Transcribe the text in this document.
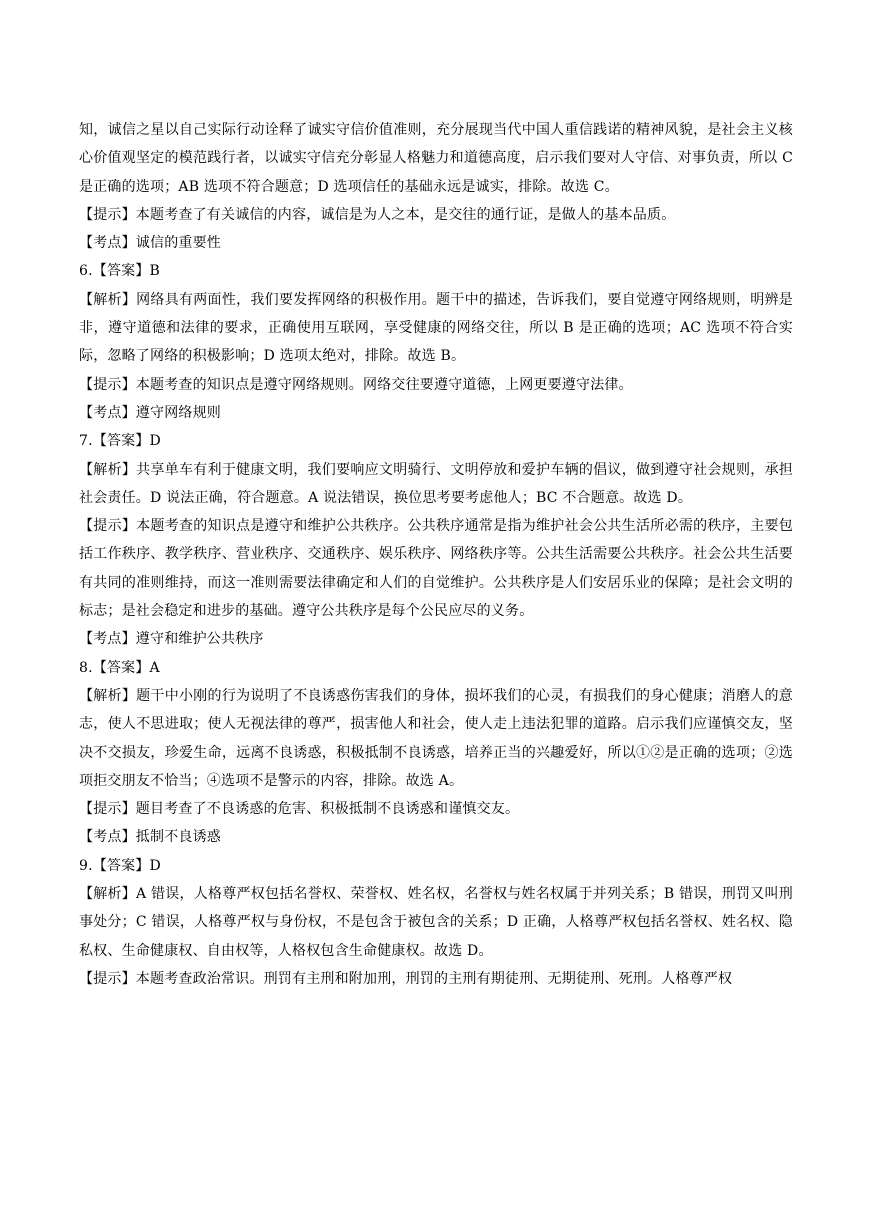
知，诚信之星以自己实际行动诠释了诚实守信价值准则，充分展现当代中国人重信践诺的精神风貌，是社会主义核心价值观坚定的模范践行者，以诚实守信充分彰显人格魅力和道德高度，启示我们要对人守信、对事负责，所以 C 是正确的选项；AB 选项不符合题意；D 选项信任的基础永远是诚实，排除。故选 C。
【提示】本题考查了有关诚信的内容，诚信是为人之本，是交往的通行证，是做人的基本品质。
【考点】诚信的重要性
6.【答案】B
【解析】网络具有两面性，我们要发挥网络的积极作用。题干中的描述，告诉我们，要自觉遵守网络规则，明辨是非，遵守道德和法律的要求，正确使用互联网，享受健康的网络交往，所以 B 是正确的选项；AC 选项不符合实际，忽略了网络的积极影响；D 选项太绝对，排除。故选 B。
【提示】本题考查的知识点是遵守网络规则。网络交往要遵守道德，上网更要遵守法律。
【考点】遵守网络规则
7.【答案】D
【解析】共享单车有利于健康文明，我们要响应文明骑行、文明停放和爱护车辆的倡议，做到遵守社会规则，承担社会责任。D 说法正确，符合题意。A 说法错误，换位思考要考虑他人；BC 不合题意。故选 D。
【提示】本题考查的知识点是遵守和维护公共秩序。公共秩序通常是指为维护社会公共生活所必需的秩序，主要包括工作秩序、教学秩序、营业秩序、交通秩序、娱乐秩序、网络秩序等。公共生活需要公共秩序。社会公共生活要有共同的准则维持，而这一准则需要法律确定和人们的自觉维护。公共秩序是人们安居乐业的保障；是社会文明的标志；是社会稳定和进步的基础。遵守公共秩序是每个公民应尽的义务。
【考点】遵守和维护公共秩序
8.【答案】A
【解析】题干中小刚的行为说明了不良诱惑伤害我们的身体，损坏我们的心灵，有损我们的身心健康；消磨人的意志，使人不思进取；使人无视法律的尊严，损害他人和社会，使人走上违法犯罪的道路。启示我们应谨慎交友，坚决不交损友，珍爱生命，远离不良诱惑，积极抵制不良诱惑，培养正当的兴趣爱好，所以①②是正确的选项；②选项拒交朋友不恰当；④选项不是警示的内容，排除。故选 A。
【提示】题目考查了不良诱惑的危害、积极抵制不良诱惑和谨慎交友。
【考点】抵制不良诱惑
9.【答案】D
【解析】A 错误，人格尊严权包括名誉权、荣誉权、姓名权，名誉权与姓名权属于并列关系；B 错误，刑罚又叫刑事处分；C 错误，人格尊严权与身份权，不是包含于被包含的关系；D 正确，人格尊严权包括名誉权、姓名权、隐私权、生命健康权、自由权等，人格权包含生命健康权。故选 D。
【提示】本题考查政治常识。刑罚有主刑和附加刑，刑罚的主刑有期徒刑、无期徒刑、死刑。人格尊严权
